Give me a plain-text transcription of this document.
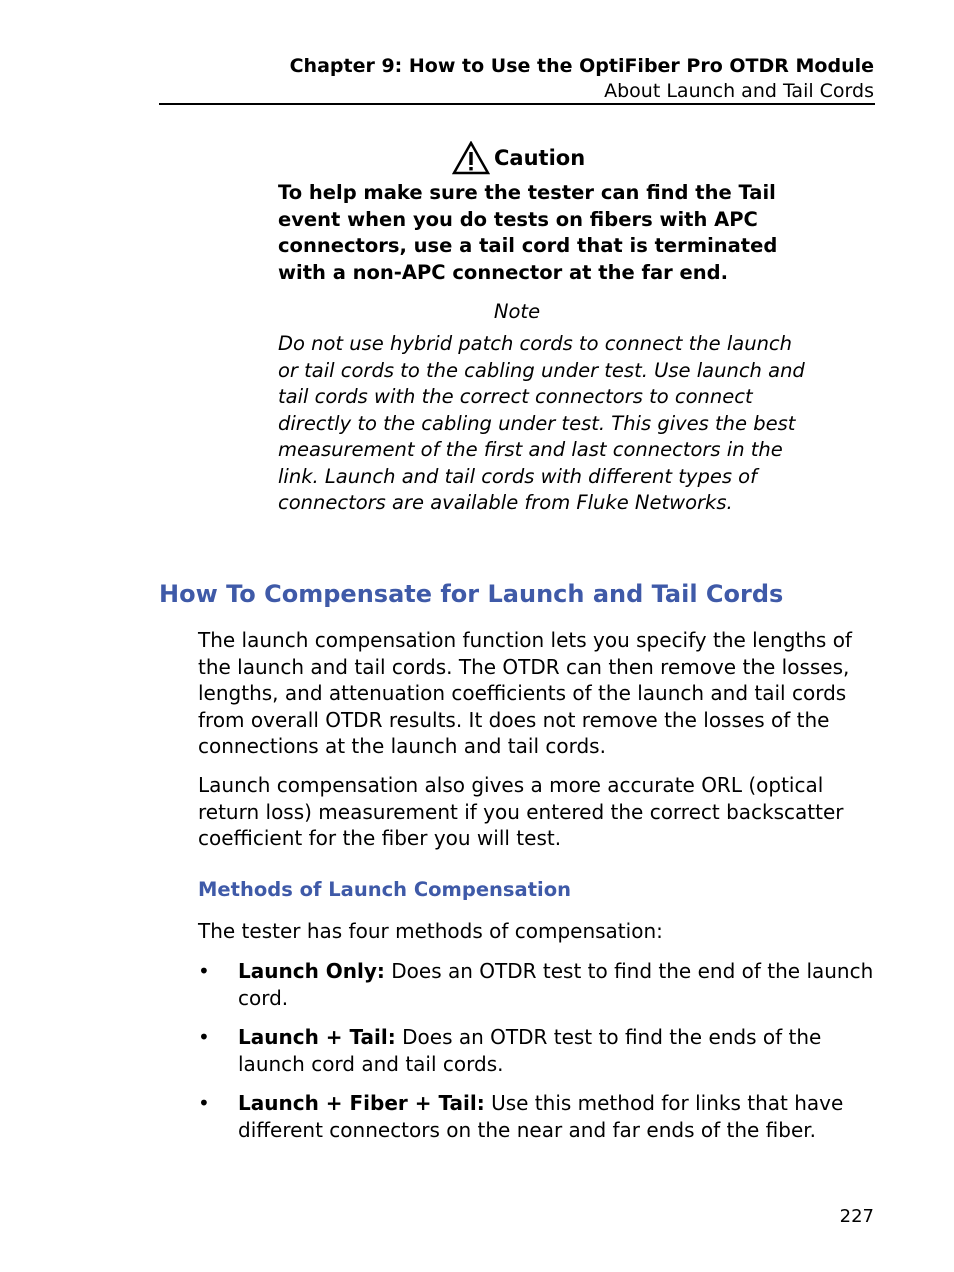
Chapter 9: How to Use the OptiFiber Pro OTDR Module
About Launch and Tail Cords
Caution
To help make sure the tester can find the Tail event when you do tests on fibers with APC connectors, use a tail cord that is terminated with a non-APC connector at the far end.
Note
Do not use hybrid patch cords to connect the launch or tail cords to the cabling under test. Use launch and tail cords with the correct connectors to connect directly to the cabling under test. This gives the best measurement of the first and last connectors in the link. Launch and tail cords with different types of connectors are available from Fluke Networks.
How To Compensate for Launch and Tail Cords
The launch compensation function lets you specify the lengths of the launch and tail cords. The OTDR can then remove the losses, lengths, and attenuation coefficients of the launch and tail cords from overall OTDR results. It does not remove the losses of the connections at the launch and tail cords.
Launch compensation also gives a more accurate ORL (optical return loss) measurement if you entered the correct backscatter coefficient for the fiber you will test.
Methods of Launch Compensation
The tester has four methods of compensation:
• Launch Only: Does an OTDR test to find the end of the launch cord.
• Launch + Tail: Does an OTDR test to find the ends of the launch cord and tail cords.
• Launch + Fiber + Tail: Use this method for links that have different connectors on the near and far ends of the fiber.
227
